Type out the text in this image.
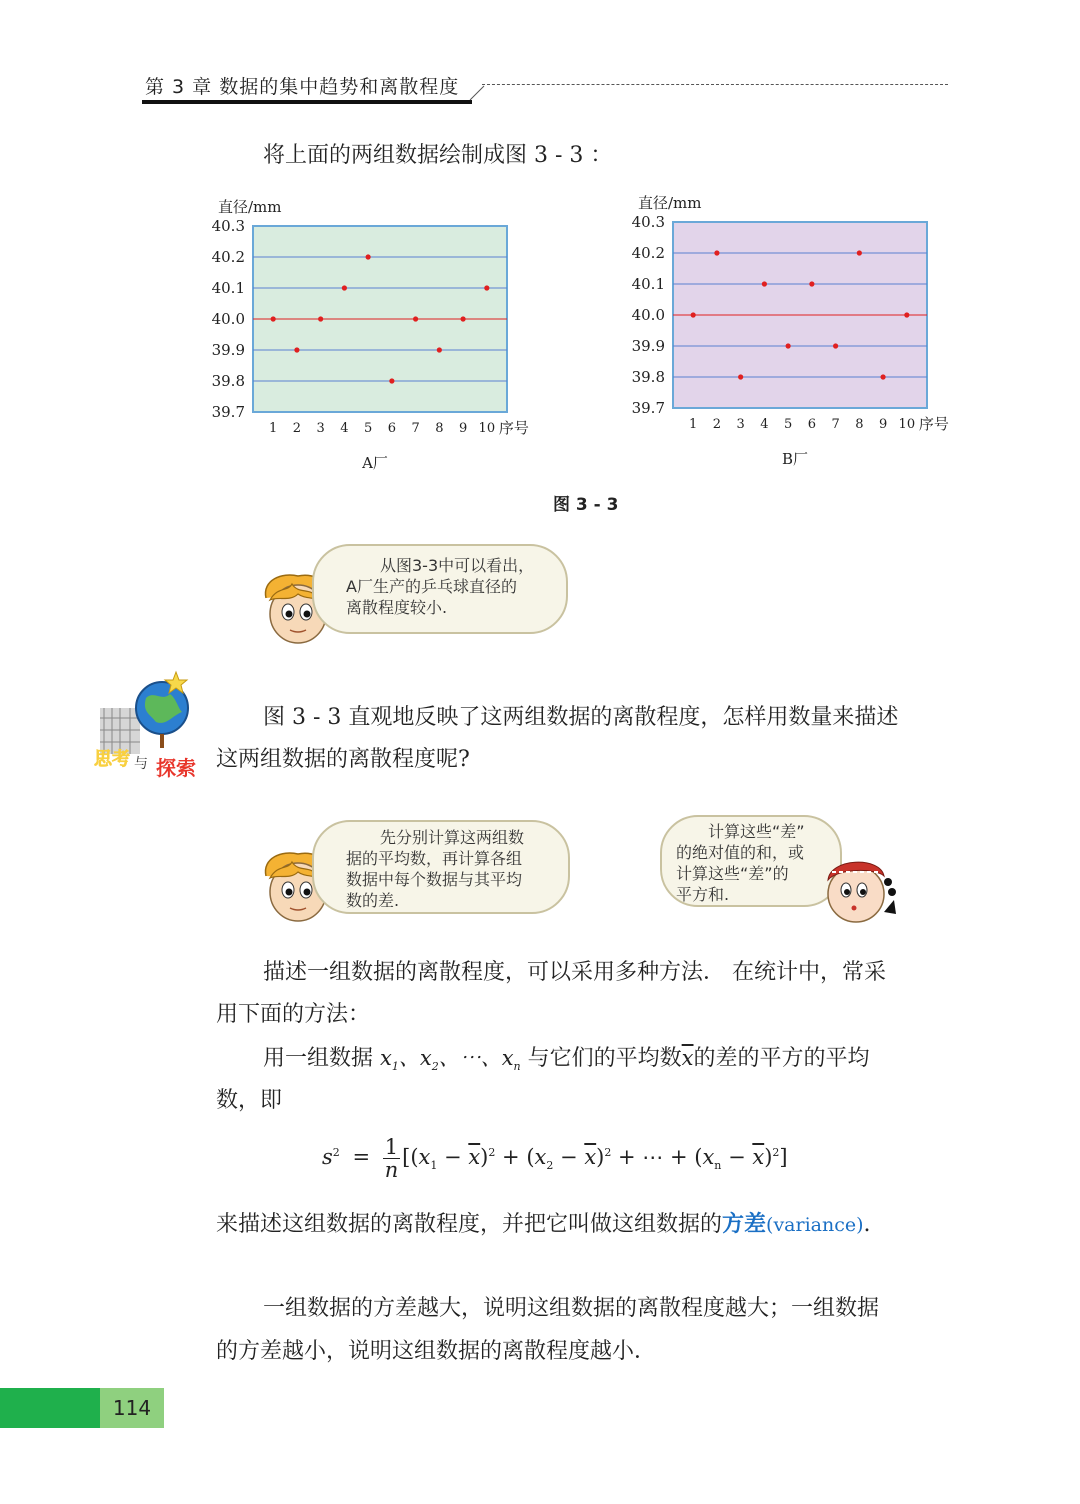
第 3 章 数据的集中趋势和离散程度
将上面的两组数据绘制成图 3 - 3 ：
39.7
39.8
39.9
40.0
40.1
40.2
40.3
直径/mm
1 2 3 4 5 6 7 8 9 10 序号
A厂
39.7
39.8
39.9
40.0
40.1
40.2
40.3
直径/mm
1 2 3 4 5 6 7 8 9 10 序号
B厂
图 3 - 3
从图3-3中可以看出，
A厂生产的乒乓球直径的
离散程度较小.
思考 与 探索
图 3 - 3 直观地反映了这两组数据的离散程度，怎样用数量来描述
这两组数据的离散程度呢?
先分别计算这两组数
据的平均数，再计算各组
数据中每个数据与其平均
数的差.
计算这些“差”
的绝对值的和，或
计算这些“差”的
平方和.
描述一组数据的离散程度，可以采用多种方法． 在统计中，常采
用下面的方法：
用一组数据 $x_1$、$x_2$、⋯、$x_n$ 与它们的平均数$\overline{x}$的差的平方的平均
数，即
$s^2 = \frac{1}{n} [(x_1 - \overline{x})^2 + (x_2 - \overline{x})^2$ + ⋯ + $(x_n - \overline{x})^2$]
来描述这组数据的离散程度，并把它叫做这组数据的方差(variance).
一组数据的方差越大，说明这组数据的离散程度越大；一组数据
的方差越小，说明这组数据的离散程度越小．
114
